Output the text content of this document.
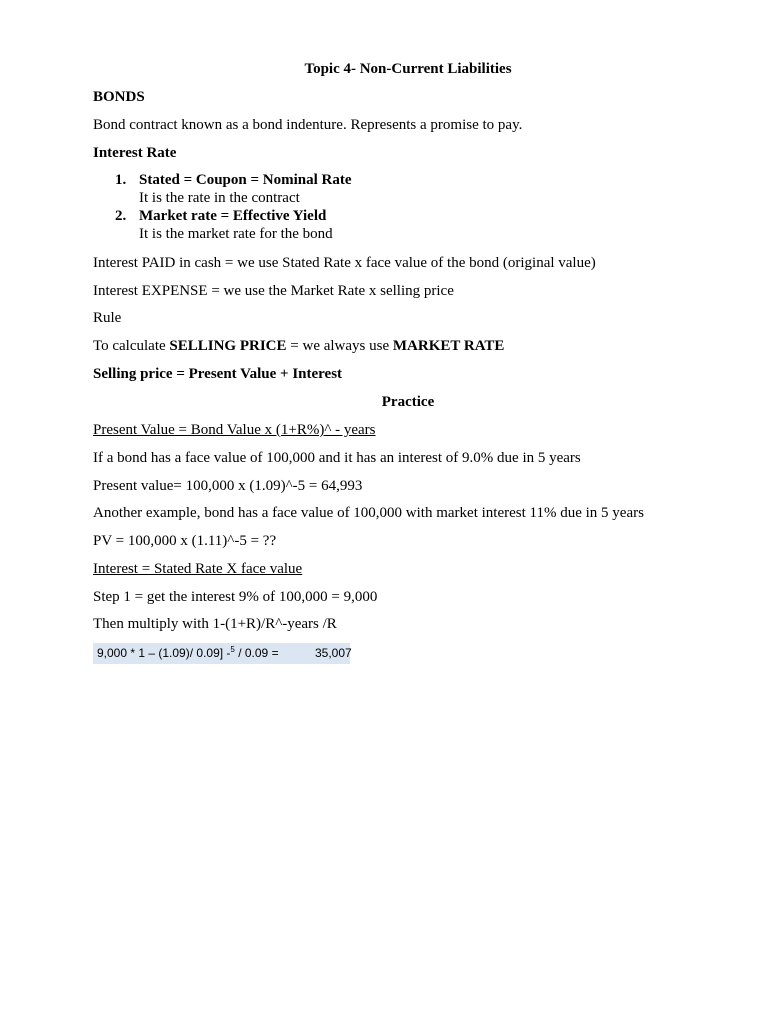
Topic 4- Non-Current Liabilities
BONDS
Bond contract known as a bond indenture. Represents a promise to pay.
Interest Rate
1. Stated = Coupon = Nominal Rate
It is the rate in the contract
2. Market rate = Effective Yield
It is the market rate for the bond
Interest PAID in cash = we use Stated Rate x face value of the bond (original value)
Interest EXPENSE = we use the Market Rate x selling price
Rule
To calculate SELLING PRICE = we always use MARKET RATE
Selling price = Present Value + Interest
Practice
Present Value = Bond Value x (1+R%)^ - years
If a bond has a face value of 100,000 and it has an interest of 9.0% due in 5 years
Present value= 100,000 x (1.09)^-5 = 64,993
Another example, bond has a face value of 100,000 with market interest 11% due in 5 years
PV = 100,000 x (1.11)^-5 = ??
Interest = Stated Rate X face value
Step 1 = get the interest 9% of 100,000 = 9,000
Then multiply with 1-(1+R)/R^-years /R
9,000 * 1 – (1.09)/ 0.09] -$^5$ / 0.09 =	35,007
